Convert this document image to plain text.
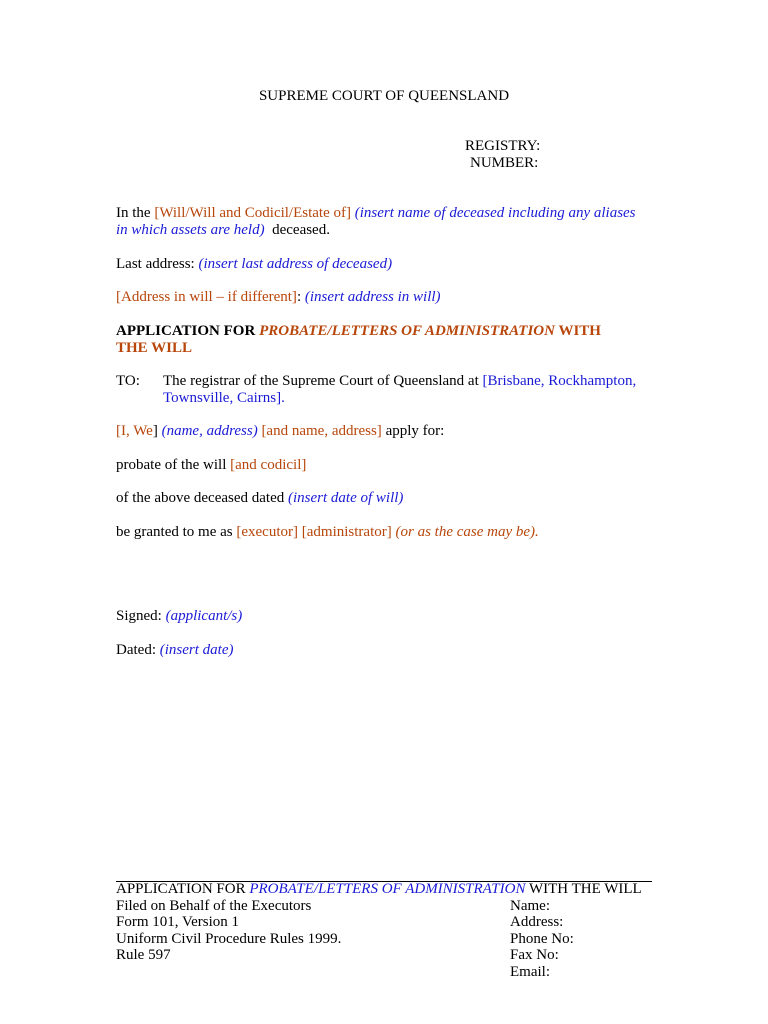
SUPREME COURT OF QUEENSLAND
REGISTRY:
NUMBER:
In the [Will/Will and Codicil/Estate of] (insert name of deceased including any aliases in which assets are held) deceased.
Last address: (insert last address of deceased)
[Address in will – if different]: (insert address in will)
APPLICATION FOR PROBATE/LETTERS OF ADMINISTRATION WITH
THE WILL
TO: The registrar of the Supreme Court of Queensland at [Brisbane, Rockhampton, Townsville, Cairns].
[I, We] (name, address) [and name, address] apply for:
probate of the will [and codicil]
of the above deceased dated (insert date of will)
be granted to me as [executor] [administrator] (or as the case may be).
Signed: (applicant/s)
Dated: (insert date)
APPLICATION FOR PROBATE/LETTERS OF ADMINISTRATION WITH THE WILL
Filed on Behalf of the Executors
Form 101, Version 1
Uniform Civil Procedure Rules 1999.
Rule 597
Name:
Address:
Phone No:
Fax No:
Email:
